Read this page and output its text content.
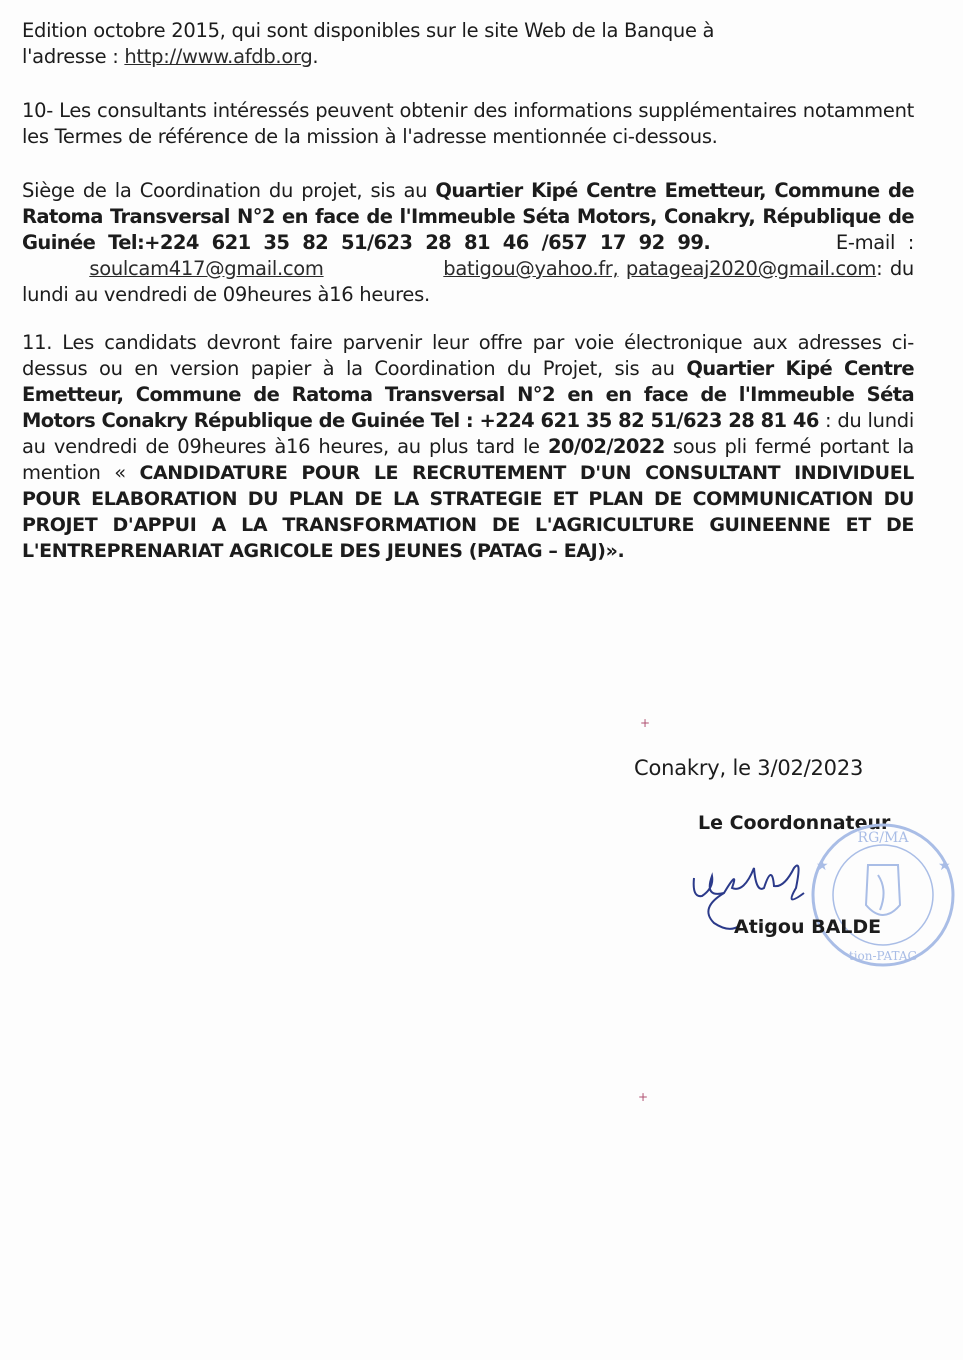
Edition octobre 2015, qui sont disponibles sur le site Web de la Banque à
l'adresse : http://www.afdb.org.

10- Les consultants intéressés peuvent obtenir des informations supplémentaires notamment les Termes de référence de la mission à l'adresse mentionnée ci-dessous.

Siège de la Coordination du projet, sis au Quartier Kipé Centre Emetteur, Commune de Ratoma Transversal N°2 en face de l'Immeuble Séta Motors, Conakry, République de Guinée Tel:+224 621 35 82 51/623 28 81 46 /657 17 92 99.	E-mail :          soulcam417@gmail.com	batigou@yahoo.fr, patageaj2020@gmail.com: du lundi au vendredi de 09heures à16 heures.

11. Les candidats devront faire parvenir leur offre par voie électronique aux adresses ci-dessus ou en version papier à la Coordination du Projet, sis au Quartier Kipé Centre Emetteur, Commune de Ratoma Transversal N°2 en en face de l'Immeuble Séta Motors Conakry République de Guinée Tel : +224 621 35 82 51/623 28 81 46 : du lundi au vendredi de 09heures à16 heures, au plus tard le 20/02/2022 sous pli fermé portant la mention « CANDIDATURE POUR LE RECRUTEMENT D'UN CONSULTANT INDIVIDUEL POUR ELABORATION DU PLAN DE LA STRATEGIE ET PLAN DE COMMUNICATION DU PROJET D'APPUI A LA TRANSFORMATION DE L'AGRICULTURE GUINEENNE ET DE L'ENTREPRENARIAT AGRICOLE DES JEUNES (PATAG – EAJ)».

+
Conakry, le 3/02/2023
Le Coordonnateur
RG/MA
tion-PATAG
★
★
Atigou BALDE
+
